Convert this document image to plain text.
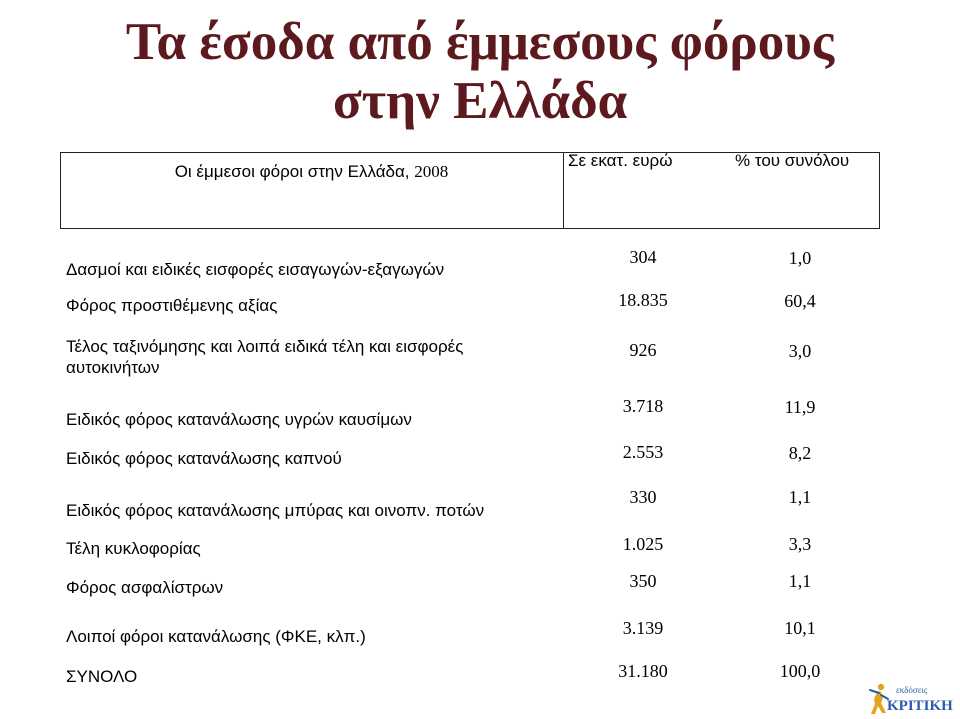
Τα έσοδα από έμμεσους φόρους
στην Ελλάδα
Οι έμμεσοι φόροι στην Ελλάδα, 2008
Σε εκατ. ευρώ	% του συνόλου
Δασμοί και ειδικές εισφορές εισαγωγών-εξαγωγών
304	1,0
Φόρος προστιθέμενης αξίας	18.835	60,4
Τέλος ταξινόμησης και λοιπά ειδικά τέλη και εισφορές
αυτοκινήτων
926	3,0
Ειδικός φόρος κατανάλωσης υγρών καυσίμων
3.718	11,9
Ειδικός φόρος κατανάλωσης καπνού	2.553	8,2
Ειδικός φόρος κατανάλωσης μπύρας και οινοπν. ποτών
330	1,1
Τέλη κυκλοφορίας	1.025	3,3
Φόρος ασφαλίστρων	350	1,1
Λοιποί φόροι κατανάλωσης (ΦΚΕ, κλπ.)	3.139	10,1
ΣΥΝΟΛΟ	31.180	100,0
εκδόσεις
ΚΡΙΤΙΚΗ
